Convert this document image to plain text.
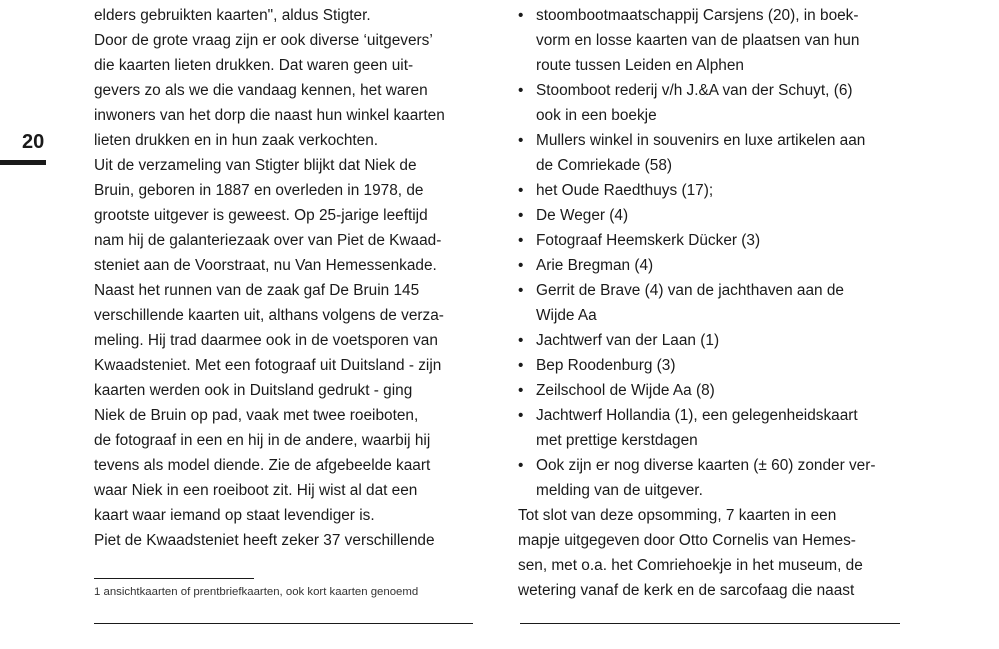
20
elders gebruikten kaarten", aldus Stigter.
Door de grote vraag zijn er ook diverse ‘uitgevers’
die kaarten lieten drukken. Dat waren geen uit-
gevers zo als we die vandaag kennen, het waren
inwoners van het dorp die naast hun winkel kaarten
lieten drukken en in hun zaak verkochten.
Uit de verzameling van Stigter blijkt dat Niek de
Bruin, geboren in 1887 en overleden in 1978, de
grootste uitgever is geweest. Op 25-jarige leeftijd
nam hij de galanteriezaak over van Piet de Kwaad-
steniet aan de Voorstraat, nu Van Hemessenkade.
Naast het runnen van de zaak gaf De Bruin 145
verschillende kaarten uit, althans volgens de verza-
meling. Hij trad daarmee ook in de voetsporen van
Kwaadsteniet. Met een fotograaf uit Duitsland - zijn
kaarten werden ook in Duitsland gedrukt - ging
Niek de Bruin op pad, vaak met twee roeiboten,
de fotograaf in een en hij in de andere, waarbij hij
tevens als model diende. Zie de afgebeelde kaart
waar Niek in een roeiboot zit. Hij wist al dat een
kaart waar iemand op staat levendiger is.
Piet de Kwaadsteniet heeft zeker 37 verschillende
• stoombootmaatschappij Carsjens (20), in boek-
vorm en losse kaarten van de plaatsen van hun
route tussen Leiden en Alphen
• Stoomboot rederij v/h J.&A van der Schuyt, (6)
ook in een boekje
• Mullers winkel in souvenirs en luxe artikelen aan
de Comriekade (58)
• het Oude Raedthuys (17);
• De Weger (4)
• Fotograaf Heemskerk Dücker (3)
• Arie Bregman (4)
• Gerrit de Brave (4) van de jachthaven aan de
Wijde Aa
• Jachtwerf van der Laan (1)
• Bep Roodenburg (3)
• Zeilschool de Wijde Aa (8)
• Jachtwerf Hollandia (1), een gelegenheidskaart
met prettige kerstdagen
• Ook zijn er nog diverse kaarten (± 60) zonder ver-
melding van de uitgever.
Tot slot van deze opsomming, 7 kaarten in een
mapje uitgegeven door Otto Cornelis van Hemes-
sen, met o.a. het Comriehoekje in het museum, de
wetering vanaf de kerk en de sarcofaag die naast
1 ansichtkaarten of prentbriefkaarten, ook kort kaarten genoemd
